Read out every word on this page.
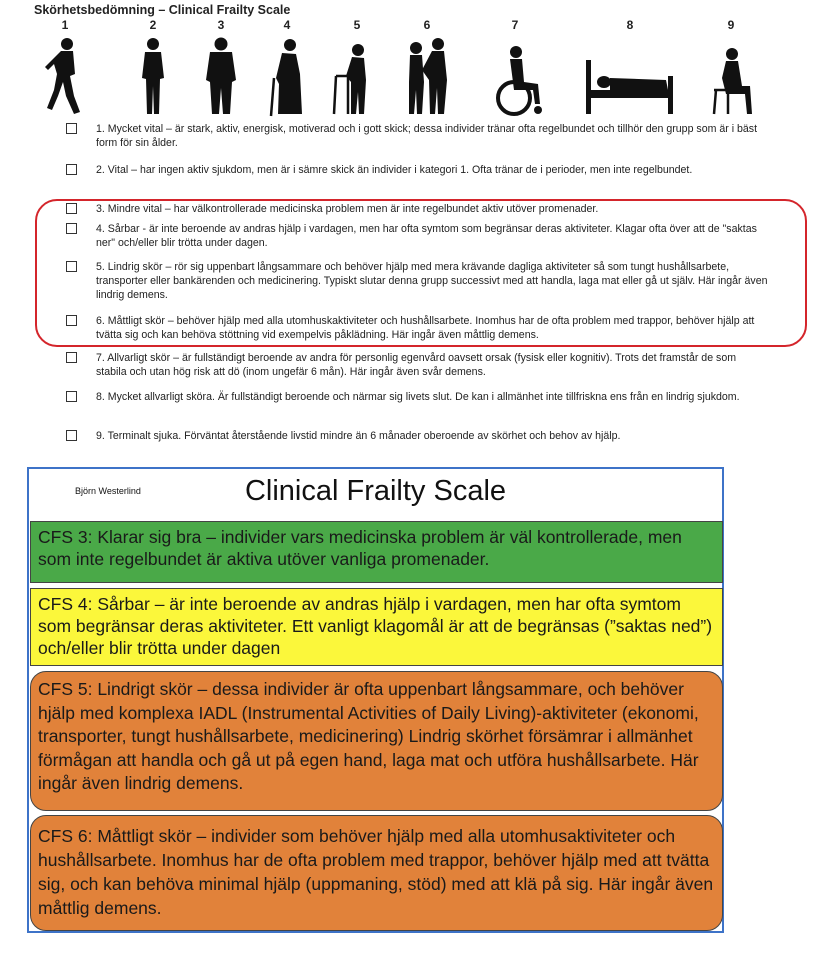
Skörhetsbedömning – Clinical Frailty Scale
1	2	3	4	5	6	7	8	9
1. Mycket vital – är stark, aktiv, energisk, motiverad och i gott skick; dessa individer tränar ofta regelbundet och tillhör den grupp som är i bäst form för sin ålder.
2. Vital – har ingen aktiv sjukdom, men är i sämre skick än individer i kategori 1. Ofta tränar de i perioder, men inte regelbundet.
3. Mindre vital – har välkontrollerade medicinska problem men är inte regelbundet aktiv utöver promenader.
4. Sårbar - är inte beroende av andras hjälp i vardagen, men har ofta symtom som begränsar deras aktiviteter. Klagar ofta över att de "saktas ner" och/eller blir trötta under dagen.
5. Lindrig skör – rör sig uppenbart långsammare och behöver hjälp med mera krävande dagliga aktiviteter så som tungt hushållsarbete, transporter eller bankärenden och medicinering. Typiskt slutar denna grupp successivt med att handla, laga mat eller gå ut själv. Här ingår även lindrig demens.
6. Måttligt skör – behöver hjälp med alla utomhuskaktiviteter och hushållsarbete. Inomhus har de ofta problem med trappor, behöver hjälp att tvätta sig och kan behöva stöttning vid exempelvis påklädning. Här ingår även måttlig demens.
7. Allvarligt skör – är fullständigt beroende av andra för personlig egenvård oavsett orsak (fysisk eller kognitiv). Trots det framstår de som stabila och utan hög risk att dö (inom ungefär 6 mån). Här ingår även svår demens.
8. Mycket allvarligt sköra. Är fullständigt beroende och närmar sig livets slut. De kan i allmänhet inte tillfriskna ens från en lindrig sjukdom.
9. Terminalt sjuka. Förväntat återstående livstid mindre än 6 månader oberoende av skörhet och behov av hjälp.
Björn Westerlind	Clinical Frailty Scale
CFS 3: Klarar sig bra – individer vars medicinska problem är väl kontrollerade, men som inte regelbundet är aktiva utöver vanliga promenader.
CFS 4: Sårbar – är inte beroende av andras hjälp i vardagen, men har ofta symtom som begränsar deras aktiviteter. Ett vanligt klagomål är att de begränsas (”saktas ned”) och/eller blir trötta under dagen
CFS 5: Lindrigt skör – dessa individer är ofta uppenbart långsammare, och behöver hjälp med komplexa IADL (Instrumental Activities of Daily Living)-aktiviteter (ekonomi, transporter, tungt hushållsarbete, medicinering) Lindrig skörhet försämrar i allmänhet förmågan att handla och gå ut på egen hand, laga mat och utföra hushållsarbete. Här ingår även lindrig demens.
CFS 6: Måttligt skör – individer som behöver hjälp med alla utomhusaktiviteter och hushållsarbete. Inomhus har de ofta problem med trappor, behöver hjälp med att tvätta sig, och kan behöva minimal hjälp (uppmaning, stöd) med att klä på sig. Här ingår även måttlig demens.
